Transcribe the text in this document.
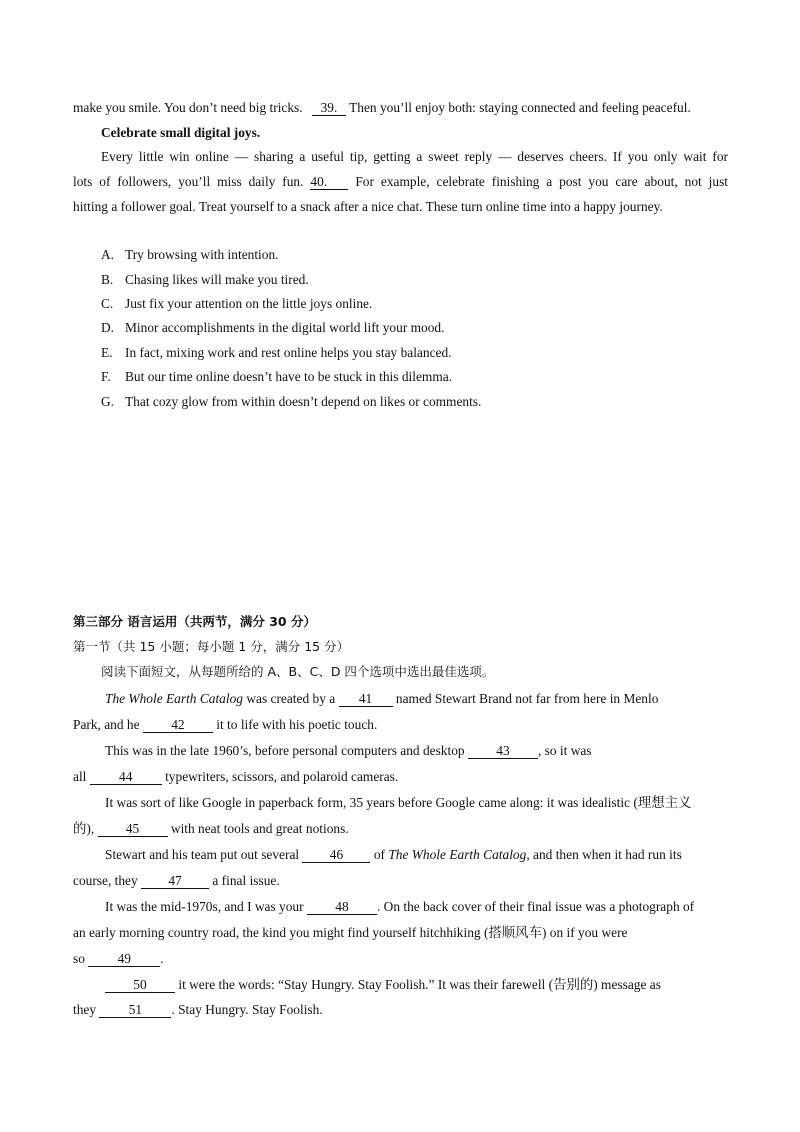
make you smile. You don’t need big tricks. 39. Then you’ll enjoy both: staying connected and feeling peaceful.
Celebrate small digital joys.
Every little win online — sharing a useful tip, getting a sweet reply — deserves cheers. If you only wait for
lots of followers, you’ll miss daily fun. 40. For example, celebrate finishing a post you care about, not just
hitting a follower goal. Treat yourself to a snack after a nice chat. These turn online time into a happy journey.
A. Try browsing with intention.
B. Chasing likes will make you tired.
C. Just fix your attention on the little joys online.
D. Minor accomplishments in the digital world lift your mood.
E. In fact, mixing work and rest online helps you stay balanced.
F. But our time online doesn’t have to be stuck in this dilemma.
G. That cozy glow from within doesn’t depend on likes or comments.
第三部分 语言运用（共两节，满分 30 分）
第一节（共 15 小题；每小题 1 分，满分 15 分）
阅读下面短文，从每题所给的 A、B、C、D 四个选项中选出最佳选项。
The Whole Earth Catalog was created by a 41 named Stewart Brand not far from here in Menlo
Park, and he 42 it to life with his poetic touch.
This was in the late 1960’s, before personal computers and desktop 43 , so it was
all 44 typewriters, scissors, and polaroid cameras.
It was sort of like Google in paperback form, 35 years before Google came along: it was idealistic (理想主义
的), 45 with neat tools and great notions.
Stewart and his team put out several 46 of The Whole Earth Catalog, and then when it had run its
course, they 47 a final issue.
It was the mid-1970s, and I was your 48 . On the back cover of their final issue was a photograph of
an early morning country road, the kind you might find yourself hitchhiking (搭顺风车) on if you were
so 49 .
50 it were the words: “Stay Hungry. Stay Foolish.” It was their farewell (告别的) message as
they 51 . Stay Hungry. Stay Foolish.
